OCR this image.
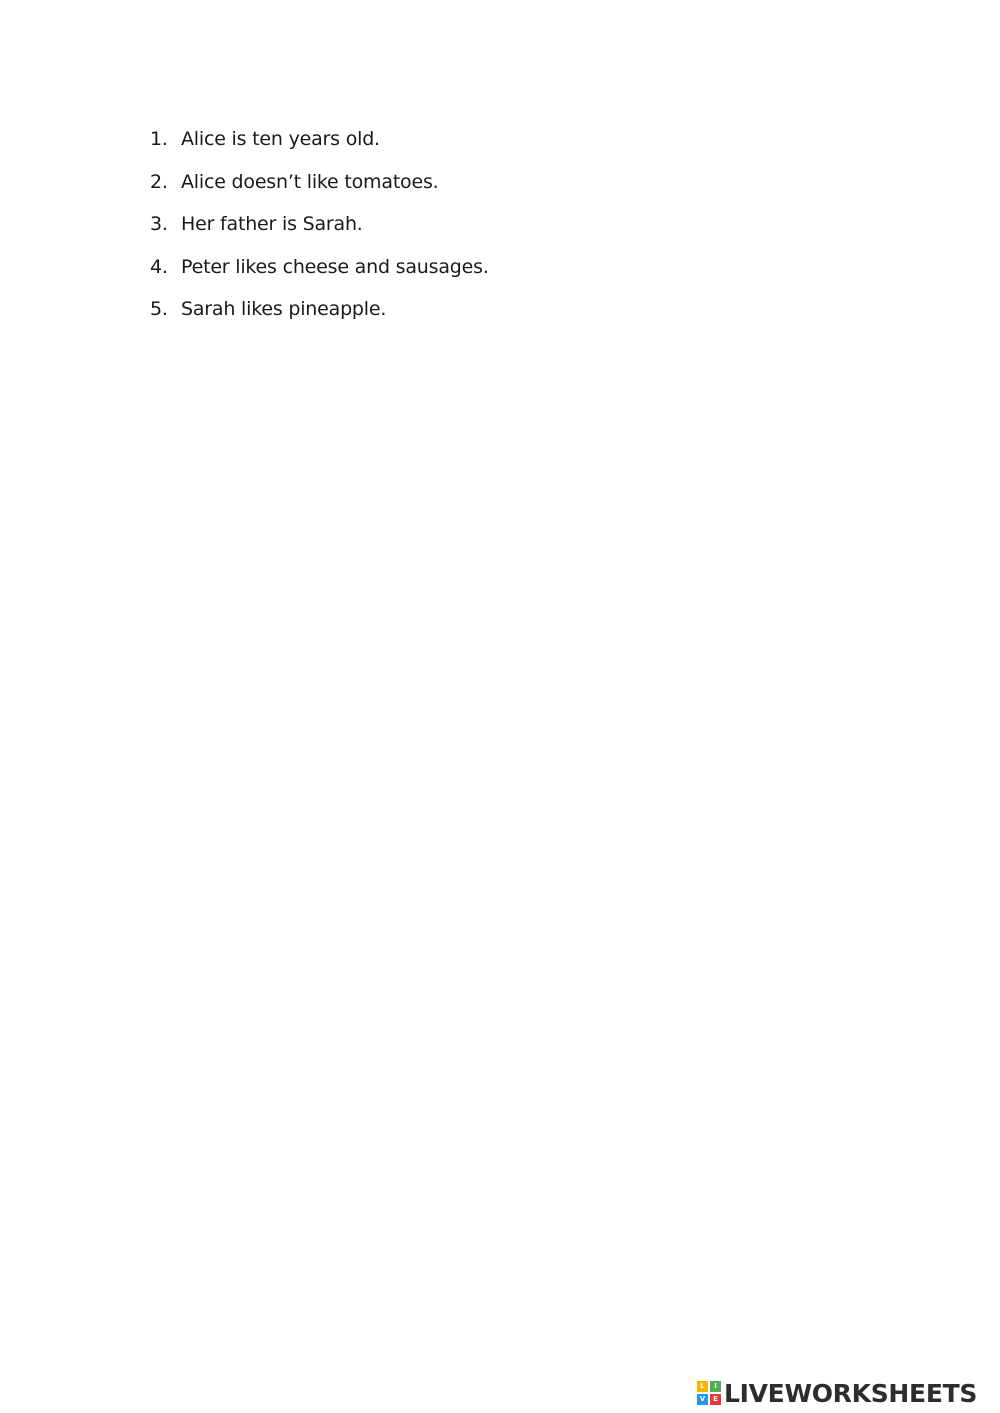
1. Alice is ten years old.
2. Alice doesn’t like tomatoes.
3. Her father is Sarah.
4. Peter likes cheese and sausages.
5. Sarah likes pineapple.
L	I
V	E LIVEWORKSHEETS
